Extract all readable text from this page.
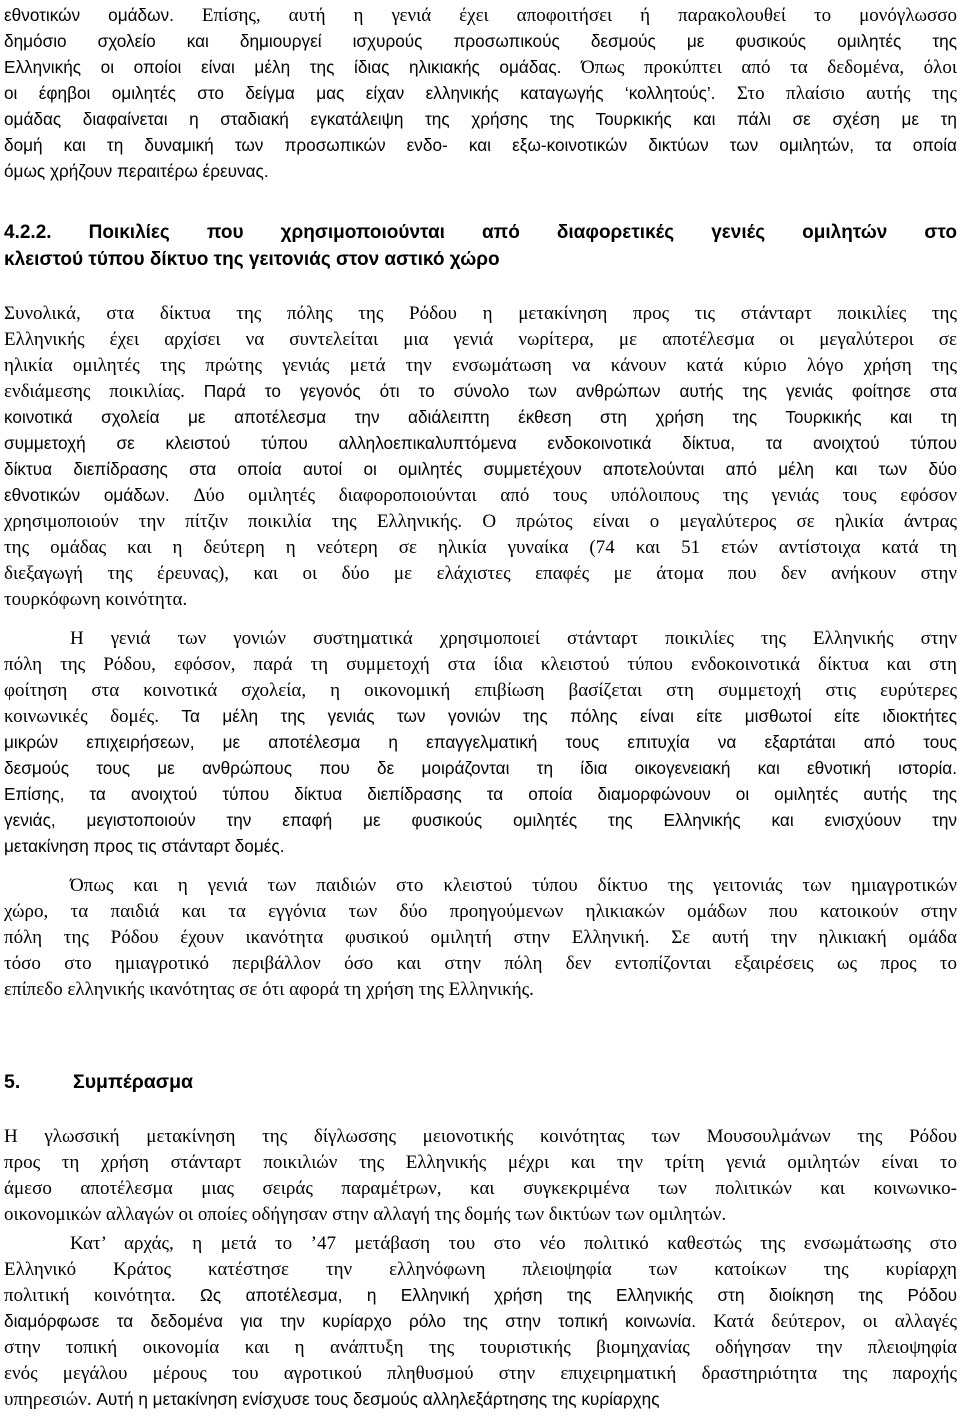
εθνοτικών ομάδων. Επίσης, αυτή η γενιά έχει αποφοιτήσει ή παρακολουθεί το μονόγλωσσο
δημόσιο σχολείο και δημιουργεί ισχυρούς προσωπικούς δεσμούς με φυσικούς ομιλητές της
Ελληνικής οι οποίοι είναι μέλη της ίδιας ηλικιακής ομάδας. Όπως προκύπτει από τα δεδομένα, όλοι
οι έφηβοι ομιλητές στο δείγμα μας είχαν ελληνικής καταγωγής ‘κολλητούς’. Στο πλαίσιο αυτής της
ομάδας διαφαίνεται η σταδιακή εγκατάλειψη της χρήσης της Τουρκικής και πάλι σε σχέση με τη
δομή και τη δυναμική των προσωπικών ενδο- και εξω-κοινοτικών δικτύων των ομιλητών, τα οποία
όμως χρήζουν περαιτέρω έρευνας.
4.2.2. Ποικιλίες που χρησιμοποιούνται από διαφορετικές γενιές ομιλητών στο
κλειστού τύπου δίκτυο της γειτονιάς στον αστικό χώρο
Συνολικά, στα δίκτυα της πόλης της Ρόδου η μετακίνηση προς τις στάνταρτ ποικιλίες της
Ελληνικής έχει αρχίσει να συντελείται μια γενιά νωρίτερα, με αποτέλεσμα οι μεγαλύτεροι σε
ηλικία ομιλητές της πρώτης γενιάς μετά την ενσωμάτωση να κάνουν κατά κύριο λόγο χρήση της
ενδιάμεσης ποικιλίας. Παρά το γεγονός ότι το σύνολο των ανθρώπων αυτής της γενιάς φοίτησε στα
κοινοτικά σχολεία με αποτέλεσμα την αδιάλειπτη έκθεση στη χρήση της Τουρκικής και τη
συμμετοχή σε κλειστού τύπου αλληλοεπικαλυπτόμενα ενδοκοινοτικά δίκτυα, τα ανοιχτού τύπου
δίκτυα διεπίδρασης στα οποία αυτοί οι ομιλητές συμμετέχουν αποτελούνται από μέλη και των δύο
εθνοτικών ομάδων. Δύο ομιλητές διαφοροποιούνται από τους υπόλοιπους της γενιάς τους εφόσον
χρησιμοποιούν την πίτζιν ποικιλία της Ελληνικής. Ο πρώτος είναι ο μεγαλύτερος σε ηλικία άντρας
της ομάδας και η δεύτερη η νεότερη σε ηλικία γυναίκα (74 και 51 ετών αντίστοιχα κατά τη
διεξαγωγή της έρευνας), και οι δύο με ελάχιστες επαφές με άτομα που δεν ανήκουν στην
τουρκόφωνη κοινότητα.
Η γενιά των γονιών συστηματικά χρησιμοποιεί στάνταρτ ποικιλίες της Ελληνικής στην
πόλη της Ρόδου, εφόσον, παρά τη συμμετοχή στα ίδια κλειστού τύπου ενδοκοινοτικά δίκτυα και στη
φοίτηση στα κοινοτικά σχολεία, η οικονομική επιβίωση βασίζεται στη συμμετοχή στις ευρύτερες
κοινωνικές δομές. Τα μέλη της γενιάς των γονιών της πόλης είναι είτε μισθωτοί είτε ιδιοκτήτες
μικρών επιχειρήσεων, με αποτέλεσμα η επαγγελματική τους επιτυχία να εξαρτάται από τους
δεσμούς τους με ανθρώπους που δε μοιράζονται τη ίδια οικογενειακή και εθνοτική ιστορία.
Επίσης, τα ανοιχτού τύπου δίκτυα διεπίδρασης τα οποία διαμορφώνουν οι ομιλητές αυτής της
γενιάς, μεγιστοποιούν την επαφή με φυσικούς ομιλητές της Ελληνικής και ενισχύουν την
μετακίνηση προς τις στάνταρτ δομές.
Όπως και η γενιά των παιδιών στο κλειστού τύπου δίκτυο της γειτονιάς των ημιαγροτικών
χώρο, τα παιδιά και τα εγγόνια των δύο προηγούμενων ηλικιακών ομάδων που κατοικούν στην
πόλη της Ρόδου έχουν ικανότητα φυσικού ομιλητή στην Ελληνική. Σε αυτή την ηλικιακή ομάδα
τόσο στο ημιαγροτικό περιβάλλον όσο και στην πόλη δεν εντοπίζονται εξαιρέσεις ως προς το
επίπεδο ελληνικής ικανότητας σε ότι αφορά τη χρήση της Ελληνικής.
5.	Συμπέρασμα
Η γλωσσική μετακίνηση της δίγλωσσης μειονοτικής κοινότητας των Μουσουλμάνων της Ρόδου
προς τη χρήση στάνταρτ ποικιλιών της Ελληνικής μέχρι και την τρίτη γενιά ομιλητών είναι το
άμεσο αποτέλεσμα μιας σειράς παραμέτρων, και συγκεκριμένα των πολιτικών και κοινωνικο-
οικονομικών αλλαγών οι οποίες οδήγησαν στην αλλαγή της δομής των δικτύων των ομιλητών.
Κατ’ αρχάς, η μετά το ’47 μετάβαση του στο νέο πολιτικό καθεστώς της ενσωμάτωσης στο
Ελληνικό Κράτος κατέστησε την ελληνόφωνη πλειοψηφία των κατοίκων της κυρίαρχη
πολιτική κοινότητα. Ως αποτέλεσμα, η Ελληνική χρήση της Ελληνικής στη διοίκηση της Ρόδου
διαμόρφωσε τα δεδομένα για την κυρίαρχο ρόλο της στην τοπική κοινωνία. Κατά δεύτερον, οι αλλαγές
στην τοπική οικονομία και η ανάπτυξη της τουριστικής βιομηχανίας οδήγησαν την πλειοψηφία
ενός μεγάλου μέρους του αγροτικού πληθυσμού στην επιχειρηματική δραστηριότητα της παροχής
υπηρεσιών. Αυτή η μετακίνηση ενίσχυσε τους δεσμούς αλληλεξάρτησης της κυρίαρχης
